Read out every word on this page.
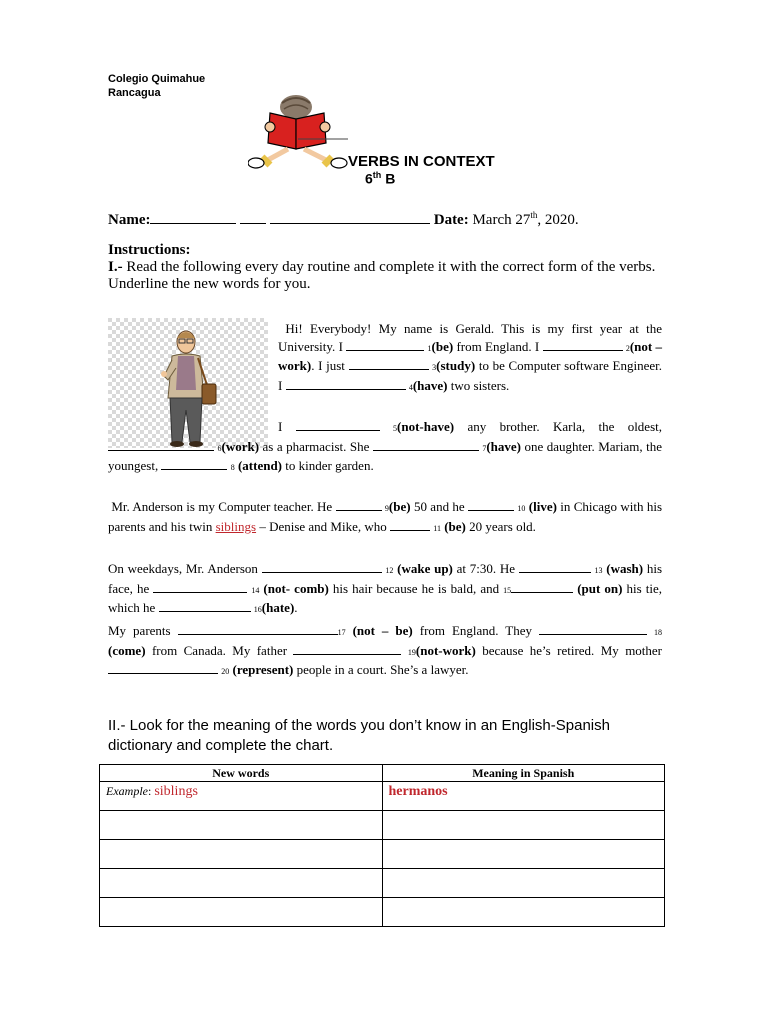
Colegio Quimahue
Rancagua
VERBS IN CONTEXT
6th B
Name:	Date: March 27th, 2020.
Instructions:
I.- Read the following every day routine and complete it with the correct form of the verbs. Underline the new words for you.
Hi! Everybody! My name is Gerald. This is my first year at the University. I	1(be) from England. I	2(not – work). I just	3(study) to be Computer software Engineer. I	4(have) two sisters.
I	5(not-have) any brother. Karla, the oldest,  6(work) as a pharmacist. She	7(have) one daughter. Mariam, the youngest,	8 (attend) to kinder garden.
Mr. Anderson is my Computer teacher. He	9(be) 50 and he	10 (live) in Chicago with his parents and his twin siblings – Denise and Mike, who	11 (be) 20 years old.
On weekdays, Mr. Anderson	12 (wake up) at 7:30. He	13 (wash) his face, he	14 (not- comb) his hair because he is bald, and 15	(put on) his tie, which he	16(hate).
My parents	17 (not – be) from England. They	18 (come) from Canada. My father	19(not-work) because he’s retired. My mother  20 (represent) people in a court. She’s a lawyer.
II.- Look for the meaning of the words you don’t know in an English-Spanish dictionary and complete the chart.
New words	Meaning in Spanish
Example: siblings	hermanos
